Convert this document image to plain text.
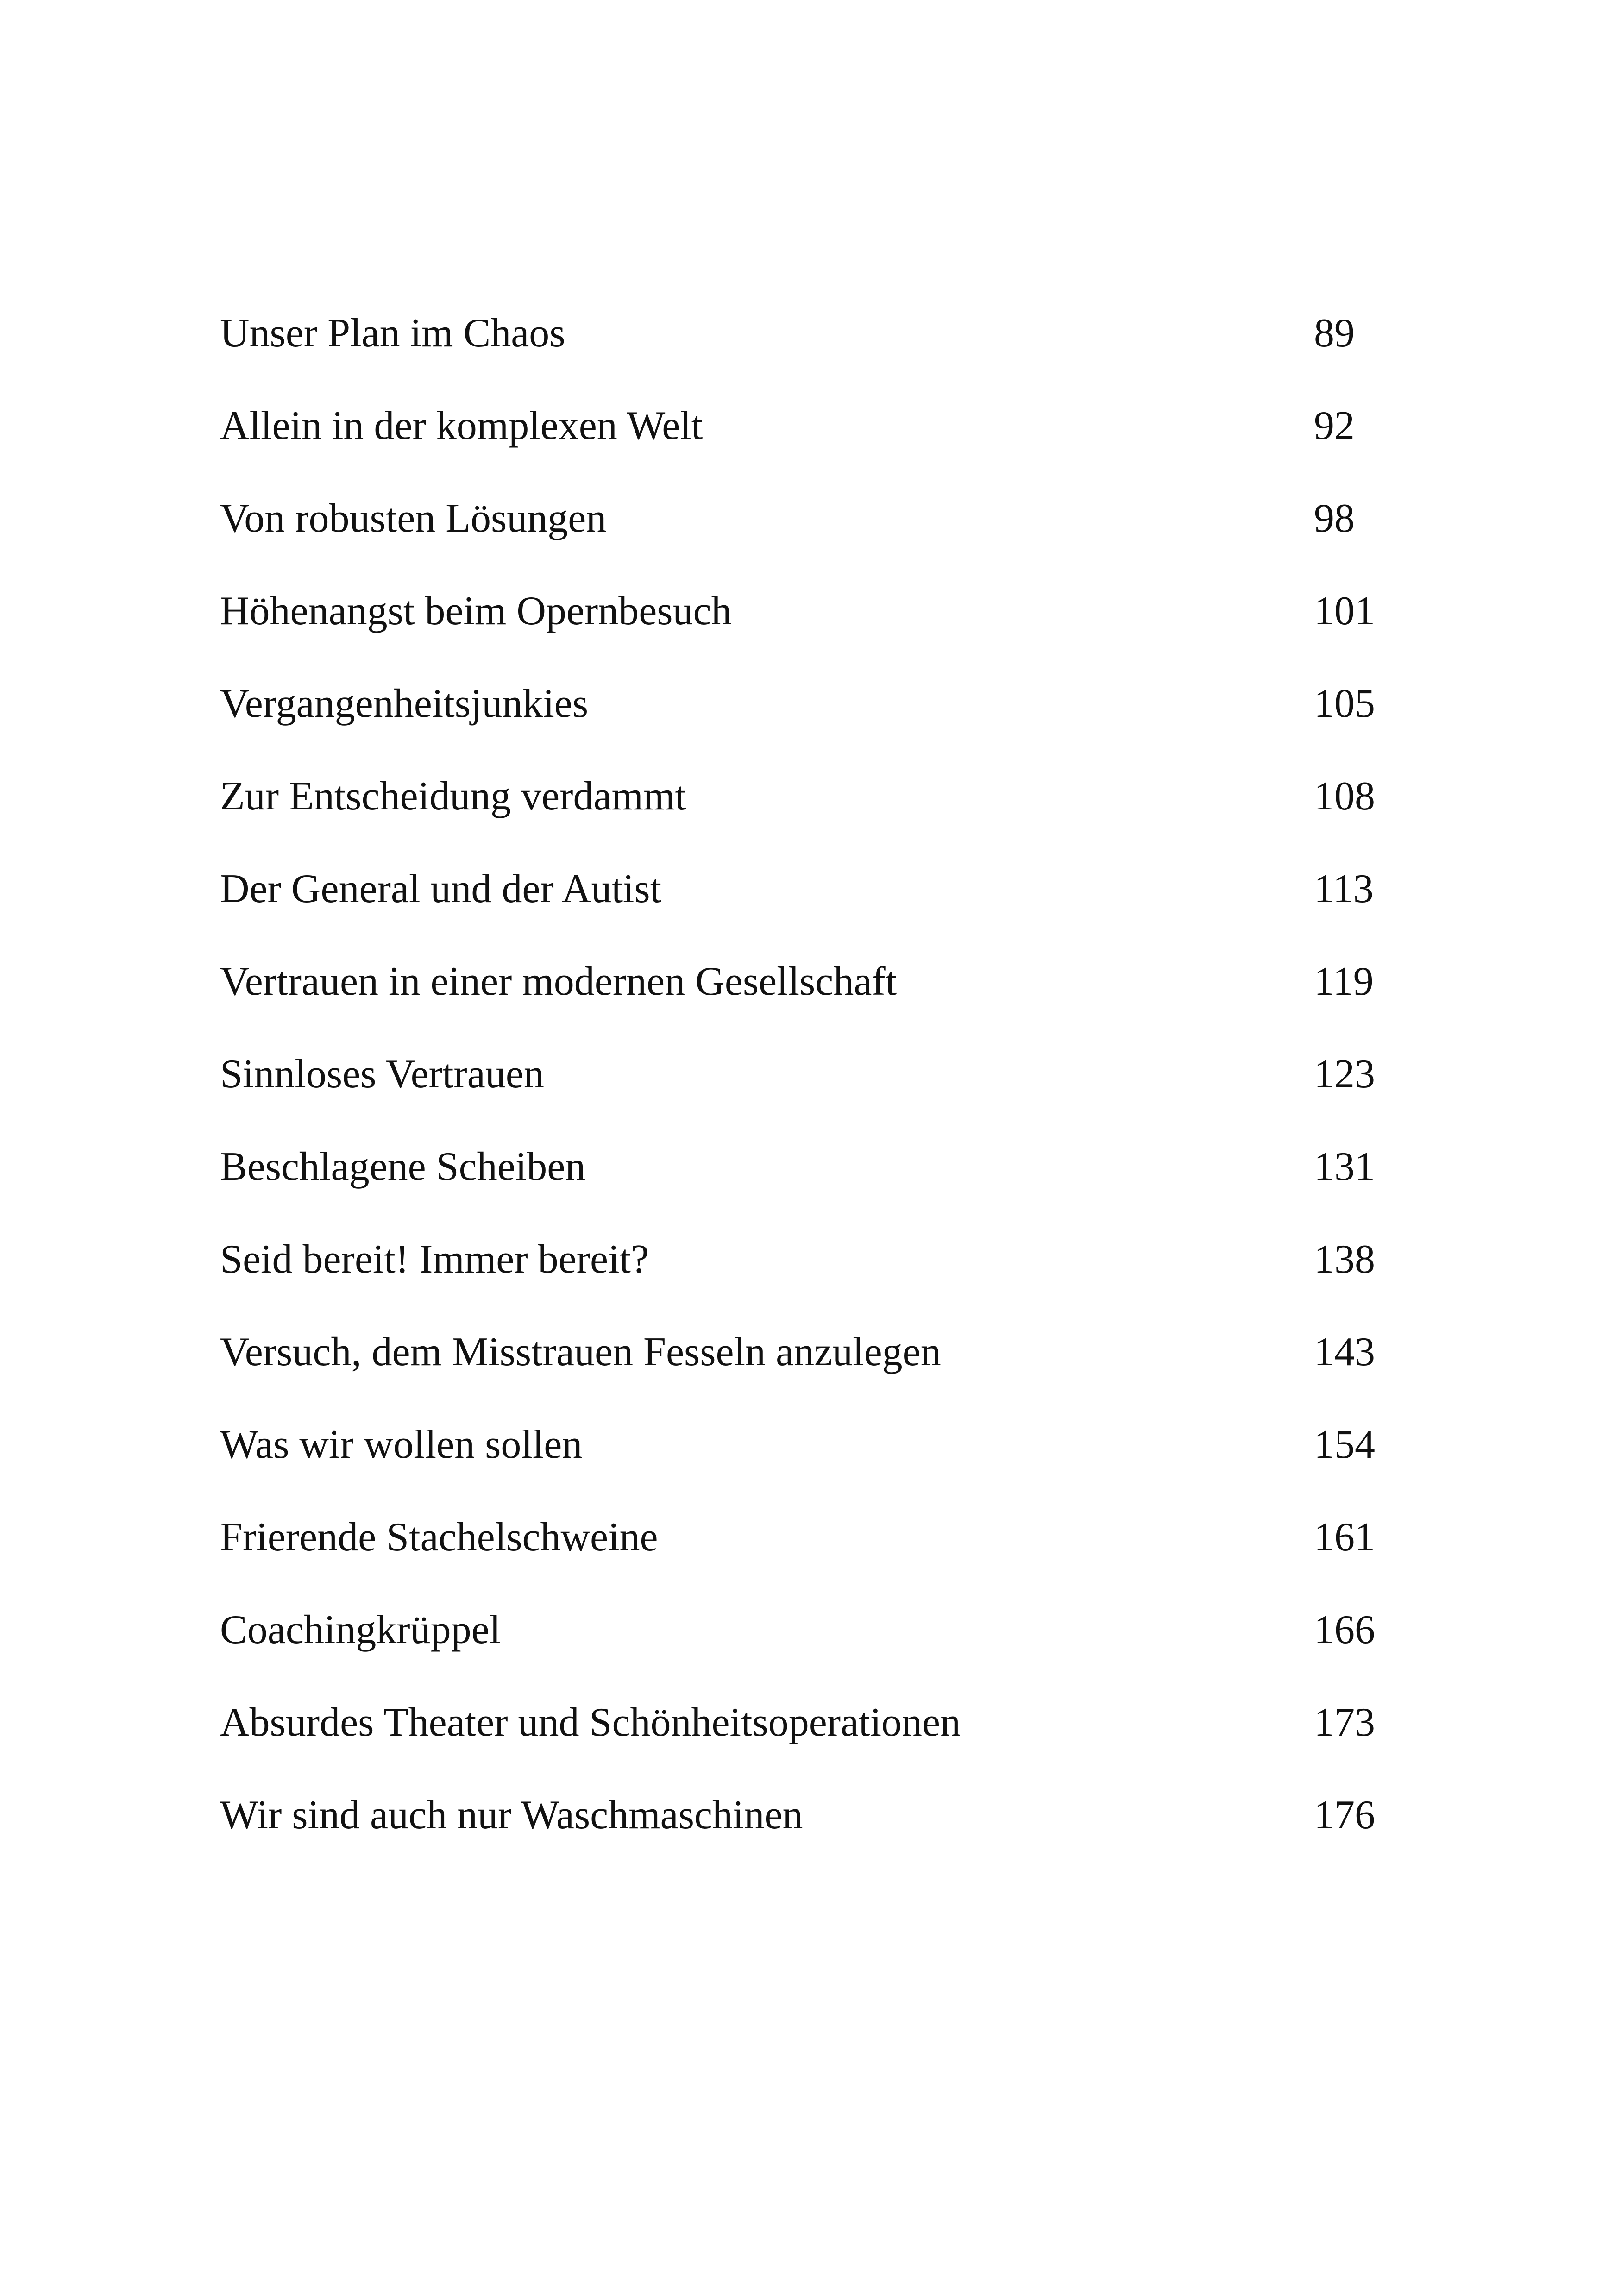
Unser Plan im Chaos	89
Allein in der komplexen Welt	92
Von robusten Lösungen	98
Höhenangst beim Opernbesuch	101
Vergangenheitsjunkies	105
Zur Entscheidung verdammt	108
Der General und der Autist	113
Vertrauen in einer modernen Gesellschaft	119
Sinnloses Vertrauen	123
Beschlagene Scheiben	131
Seid bereit! Immer bereit?	138
Versuch, dem Misstrauen Fesseln anzulegen	143
Was wir wollen sollen	154
Frierende Stachelschweine	161
Coachingkrüppel	166
Absurdes Theater und Schönheitsoperationen	173
Wir sind auch nur Waschmaschinen	176
